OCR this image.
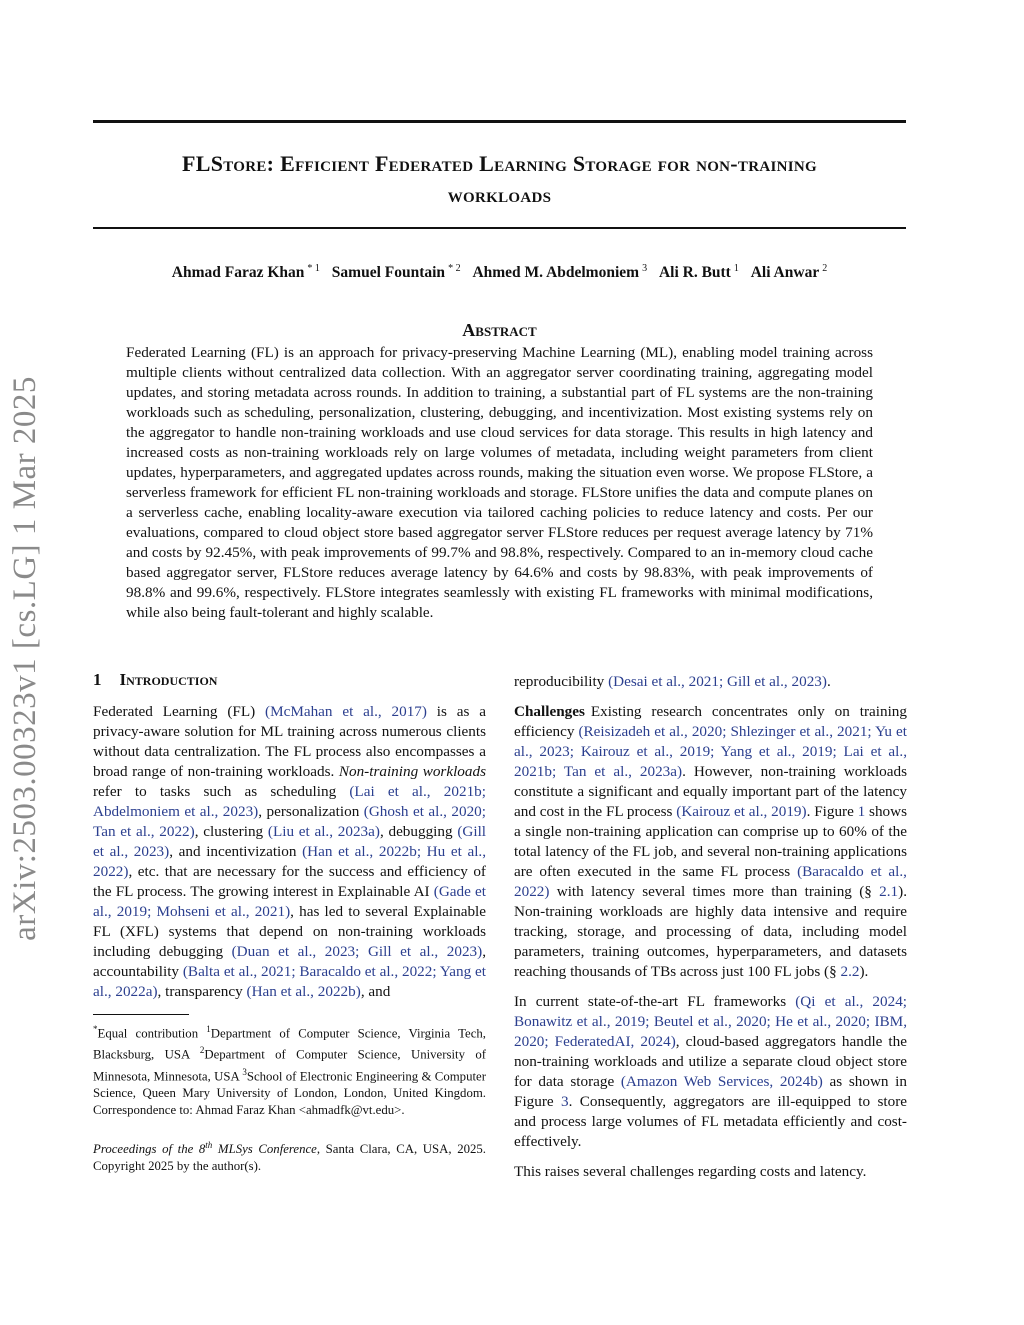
arXiv:2503.00323v1 [cs.LG] 1 Mar 2025
FLStore: Efficient Federated Learning Storage for non-training
workloads
Ahmad Faraz Khan $^{* 1}$ Samuel Fountain $^{* 2}$ Ahmed M. Abdelmoniem $^3$ Ali R. Butt $^1$ Ali Anwar $^2$
Abstract
Federated Learning (FL) is an approach for privacy-preserving Machine Learning (ML), enabling model training across multiple clients without centralized data collection. With an aggregator server coordinating training, aggregating model updates, and storing metadata across rounds. In addition to training, a substantial part of FL systems are the non-training workloads such as scheduling, personalization, clustering, debugging, and incentivization. Most existing systems rely on the aggregator to handle non-training workloads and use cloud services for data storage. This results in high latency and increased costs as non-training workloads rely on large volumes of metadata, including weight parameters from client updates, hyperparameters, and aggregated updates across rounds, making the situation even worse. We propose FLStore, a serverless framework for efficient FL non-training workloads and storage. FLStore unifies the data and compute planes on a serverless cache, enabling locality-aware execution via tailored caching policies to reduce latency and costs. Per our evaluations, compared to cloud object store based aggregator server FLStore reduces per request average latency by 71% and costs by 92.45%, with peak improvements of 99.7% and 98.8%, respectively. Compared to an in-memory cloud cache based aggregator server, FLStore reduces average latency by 64.6% and costs by 98.83%, with peak improvements of 98.8% and 99.6%, respectively. FLStore integrates seamlessly with existing FL frameworks with minimal modifications, while also being fault-tolerant and highly scalable.
1 Introduction

Federated Learning (FL) (McMahan et al., 2017) is as a privacy-aware solution for ML training across numerous clients without data centralization. The FL process also encompasses a broad range of non-training workloads. Non-training workloads refer to tasks such as scheduling (Lai et al., 2021b; Abdelmoniem et al., 2023), personalization (Ghosh et al., 2020; Tan et al., 2022), clustering (Liu et al., 2023a), debugging (Gill et al., 2023), and incentivization (Han et al., 2022b; Hu et al., 2022), etc. that are necessary for the success and efficiency of the FL process. The growing interest in Explainable AI (Gade et al., 2019; Mohseni et al., 2021), has led to several Explainable FL (XFL) systems that depend on non-training workloads including debugging (Duan et al., 2023; Gill et al., 2023), accountability (Balta et al., 2021; Baracaldo et al., 2022; Yang et al., 2022a), transparency (Han et al., 2022b), and

*Equal contribution $^1$Department of Computer Science, Virginia Tech, Blacksburg, USA $^2$Department of Computer Science, University of Minnesota, Minnesota, USA $^3$School of Electronic Engineering & Computer Science, Queen Mary University of London, London, United Kingdom. Correspondence to: Ahmad Faraz Khan <ahmadfk@vt.edu>.
Proceedings of the 8th MLSys Conference, Santa Clara, CA, USA, 2025. Copyright 2025 by the author(s).

reproducibility (Desai et al., 2021; Gill et al., 2023).

Challenges Existing research concentrates only on training efficiency (Reisizadeh et al., 2020; Shlezinger et al., 2021; Yu et al., 2023; Kairouz et al., 2019; Yang et al., 2019; Lai et al., 2021b; Tan et al., 2023a). However, non-training workloads constitute a significant and equally important part of the latency and cost in the FL process (Kairouz et al., 2019). Figure 1 shows a single non-training application can comprise up to 60% of the total latency of the FL job, and several non-training applications are often executed in the same FL process (Baracaldo et al., 2022) with latency several times more than training (§ 2.1). Non-training workloads are highly data intensive and require tracking, storage, and processing of data, including model parameters, training outcomes, hyperparameters, and datasets reaching thousands of TBs across just 100 FL jobs (§ 2.2).

In current state-of-the-art FL frameworks (Qi et al., 2024; Bonawitz et al., 2019; Beutel et al., 2020; He et al., 2020; IBM, 2020; FederatedAI, 2024), cloud-based aggregators handle the non-training workloads and utilize a separate cloud object store for data storage (Amazon Web Services, 2024b) as shown in Figure 3. Consequently, aggregators are ill-equipped to store and process large volumes of FL metadata efficiently and cost-effectively.

This raises several challenges regarding costs and latency.
